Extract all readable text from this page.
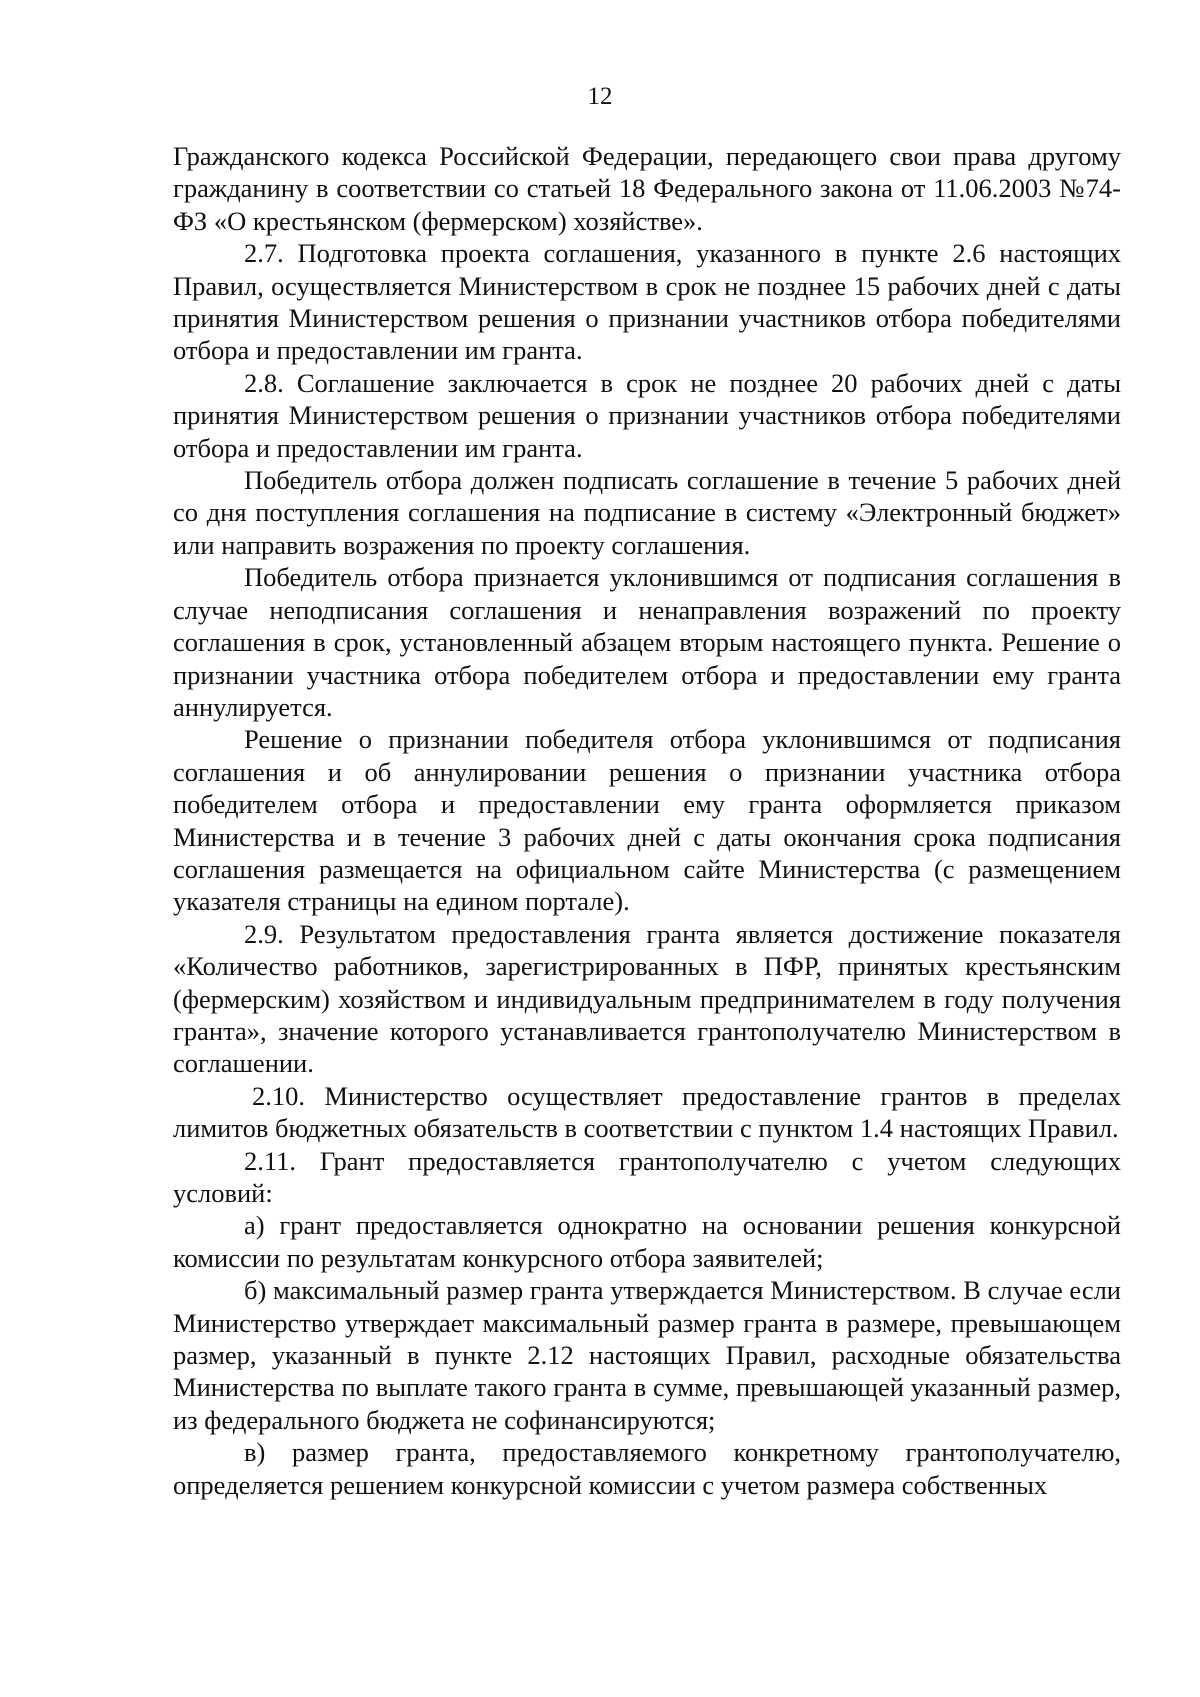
12

Гражданского кодекса Российской Федерации, передающего свои права другому гражданину в соответствии со статьей 18 Федерального закона от 11.06.2003 №74-ФЗ «О крестьянском (фермерском) хозяйстве».

2.7. Подготовка проекта соглашения, указанного в пункте 2.6 настоящих Правил, осуществляется Министерством в срок не позднее 15 рабочих дней с даты принятия Министерством решения о признании участников отбора победителями отбора и предоставлении им гранта.

2.8. Соглашение заключается в срок не позднее 20 рабочих дней с даты принятия Министерством решения о признании участников отбора победителями отбора и предоставлении им гранта.

Победитель отбора должен подписать соглашение в течение 5 рабочих дней со дня поступления соглашения на подписание в систему «Электронный бюджет» или направить возражения по проекту соглашения.

Победитель отбора признается уклонившимся от подписания соглашения в случае неподписания соглашения и ненаправления возражений по проекту соглашения в срок, установленный абзацем вторым настоящего пункта. Решение о признании участника отбора победителем отбора и предоставлении ему гранта аннулируется.

Решение о признании победителя отбора уклонившимся от подписания соглашения и об аннулировании решения о признании участника отбора победителем отбора и предоставлении ему гранта оформляется приказом Министерства и в течение 3 рабочих дней с даты окончания срока подписания соглашения размещается на официальном сайте Министерства (с размещением указателя страницы на едином портале).

2.9. Результатом предоставления гранта является достижение показателя «Количество работников, зарегистрированных в ПФР, принятых крестьянским (фермерским) хозяйством и индивидуальным предпринимателем в году получения гранта», значение которого устанавливается грантополучателю Министерством в соглашении.

2.10. Министерство осуществляет предоставление грантов в пределах лимитов бюджетных обязательств в соответствии с пунктом 1.4 настоящих Правил.

2.11. Грант предоставляется грантополучателю с учетом следующих условий:

а) грант предоставляется однократно на основании решения конкурсной комиссии по результатам конкурсного отбора заявителей;

б) максимальный размер гранта утверждается Министерством. В случае если Министерство утверждает максимальный размер гранта в размере, превышающем размер, указанный в пункте 2.12 настоящих Правил, расходные обязательства Министерства по выплате такого гранта в сумме, превышающей указанный размер, из федерального бюджета не софинансируются;

в) размер гранта, предоставляемого конкретному грантополучателю, определяется решением конкурсной комиссии с учетом размера собственных
